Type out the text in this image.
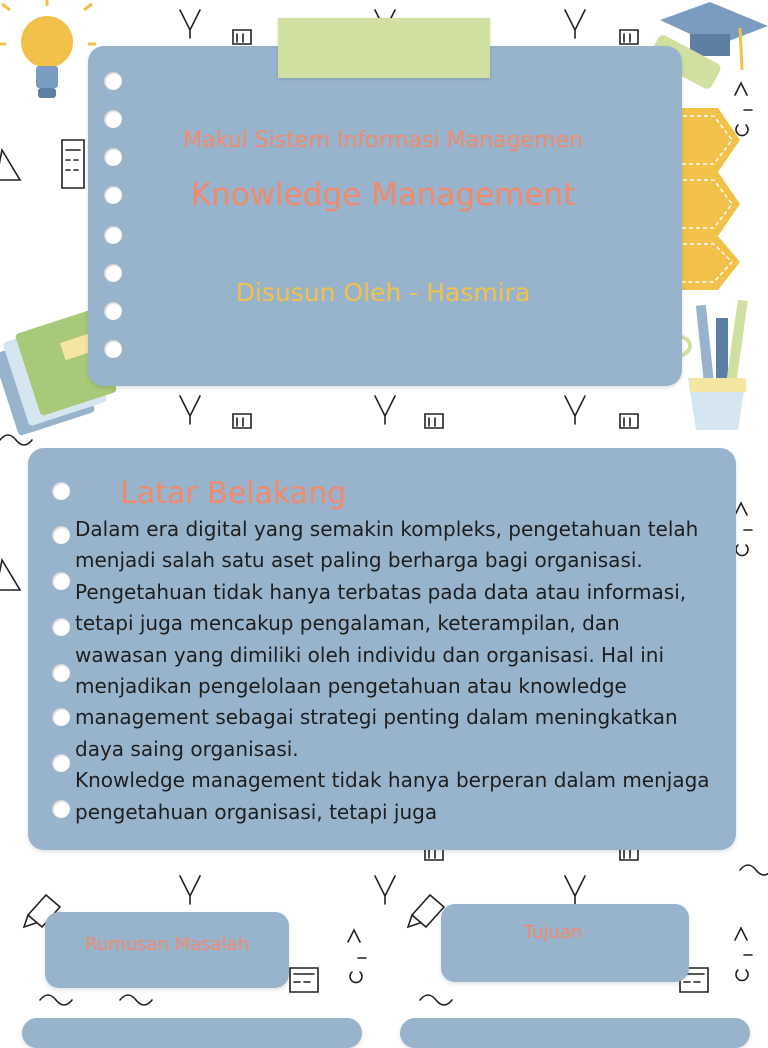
Makul Sistem Informasi Managemen
Knowledge Management
Disusun Oleh - Hasmira
Latar Belakang

Dalam era digital yang semakin kompleks, pengetahuan telah menjadi salah satu aset paling berharga bagi organisasi. Pengetahuan tidak hanya terbatas pada data atau informasi, tetapi juga mencakup pengalaman, keterampilan, dan wawasan yang dimiliki oleh individu dan organisasi. Hal ini menjadikan pengelolaan pengetahuan atau knowledge management sebagai strategi penting dalam meningkatkan daya saing organisasi.

Knowledge management tidak hanya berperan dalam menjaga pengetahuan organisasi, tetapi juga

Rumusan Masalah
Tujuan
